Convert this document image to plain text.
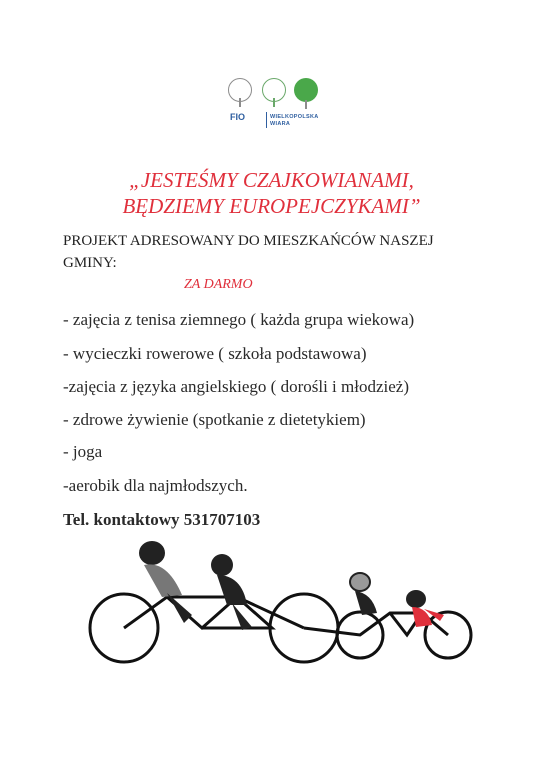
FIO	WIELKOPOLSKA
WIARA
„JESTEŚMY CZAJKOWIANAMI,
BĘDZIEMY EUROPEJCZYKAMI”
PROJEKT ADRESOWANY DO MIESZKAŃCÓW NASZEJ GMINY:
ZA DARMO
- zajęcia z tenisa ziemnego ( każda grupa wiekowa)
- wycieczki rowerowe ( szkoła podstawowa)
-zajęcia z języka angielskiego ( dorośli i młodzież)
- zdrowe żywienie (spotkanie z dietetykiem)
- joga
-aerobik dla najmłodszych.
Tel. kontaktowy 531707103
